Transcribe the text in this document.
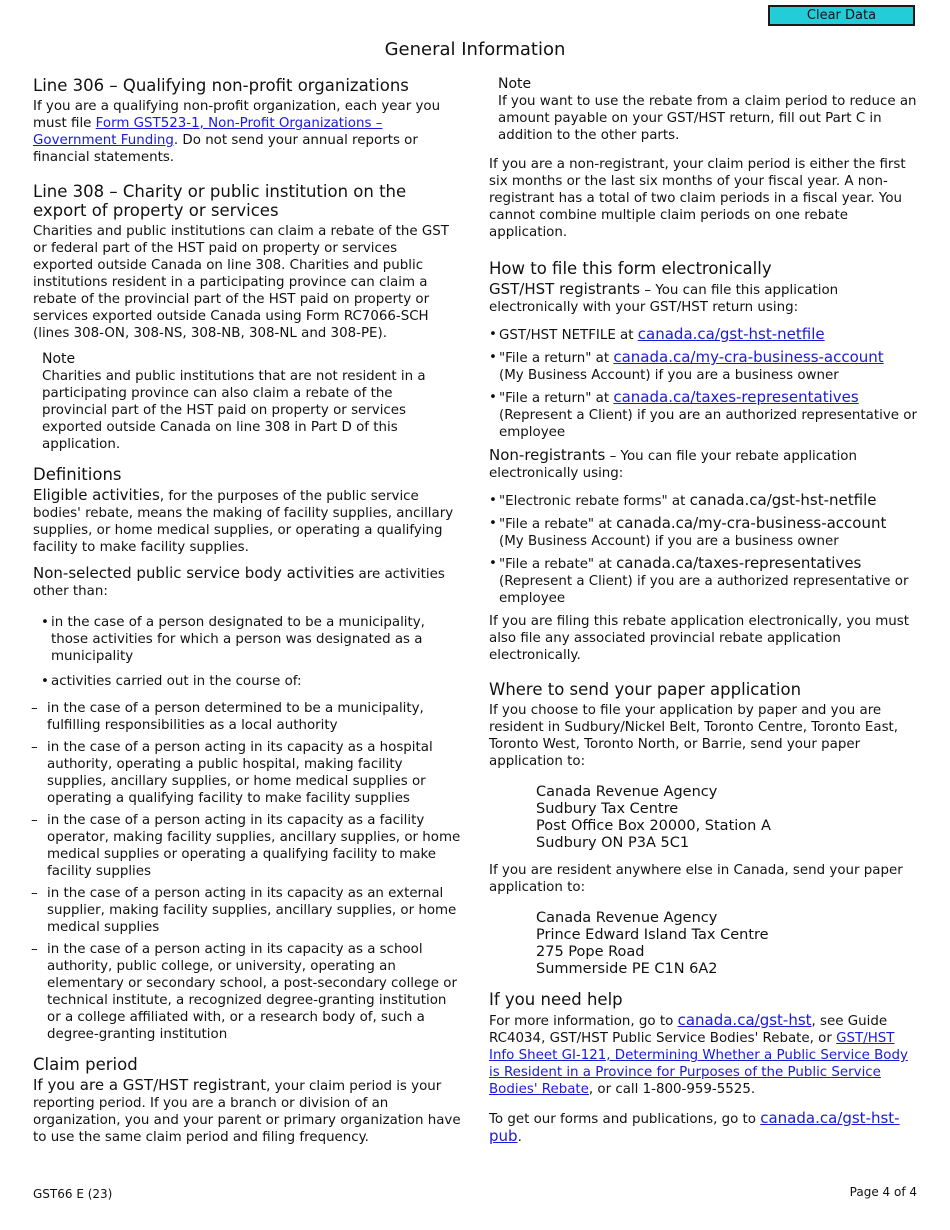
Clear Data
General Information
Line 306 – Qualifying non-profit organizations

If you are a qualifying non-profit organization, each year you must file Form GST523-1, Non-Profit Organizations – Government Funding. Do not send your annual reports or financial statements.

Line 308 – Charity or public institution on the export of property or services

Charities and public institutions can claim a rebate of the GST or federal part of the HST paid on property or services exported outside Canada on line 308. Charities and public institutions resident in a participating province can claim a rebate of the provincial part of the HST paid on property or services exported outside Canada using Form RC7066-SCH (lines 308-ON, 308-NS, 308-NB, 308-NL and 308-PE).

Note
Charities and public institutions that are not resident in a participating province can also claim a rebate of the provincial part of the HST paid on property or services exported outside Canada on line 308 in Part D of this application.
Definitions

Eligible activities, for the purposes of the public service bodies' rebate, means the making of facility supplies, ancillary supplies, or home medical supplies, or operating a qualifying facility to make facility supplies.

Non-selected public service body activities are activities other than:

• in the case of a person designated to be a municipality, those activities for which a person was designated as a municipality
• activities carried out in the course of:
– in the case of a person determined to be a municipality, fulfilling responsibilities as a local authority
– in the case of a person acting in its capacity as a hospital authority, operating a public hospital, making facility supplies, ancillary supplies, or home medical supplies or operating a qualifying facility to make facility supplies
– in the case of a person acting in its capacity as a facility operator, making facility supplies, ancillary supplies, or home medical supplies or operating a qualifying facility to make facility supplies
– in the case of a person acting in its capacity as an external supplier, making facility supplies, ancillary supplies, or home medical supplies
– in the case of a person acting in its capacity as a school authority, public college, or university, operating an elementary or secondary school, a post-secondary college or technical institute, a recognized degree-granting institution or a college affiliated with, or a research body of, such a degree-granting institution
Claim period

If you are a GST/HST registrant, your claim period is your reporting period. If you are a branch or division of an organization, you and your parent or primary organization have to use the same claim period and filing frequency.

Note
If you want to use the rebate from a claim period to reduce an amount payable on your GST/HST return, fill out Part C in addition to the other parts.

If you are a non-registrant, your claim period is either the first six months or the last six months of your fiscal year. A non-registrant has a total of two claim periods in a fiscal year. You cannot combine multiple claim periods on one rebate application.

How to file this form electronically

GST/HST registrants – You can file this application electronically with your GST/HST return using:

• GST/HST NETFILE at canada.ca/gst-hst-netfile

• "File a return" at canada.ca/my-cra-business-account
(My Business Account) if you are a business owner
• "File a return" at canada.ca/taxes-representatives
(Represent a Client) if you are an authorized representative or employee

Non-registrants – You can file your rebate application electronically using:

• "Electronic rebate forms" at canada.ca/gst-hst-netfile

• "File a rebate" at canada.ca/my-cra-business-account
(My Business Account) if you are a business owner
• "File a rebate" at canada.ca/taxes-representatives
(Represent a Client) if you are a authorized representative or employee

If you are filing this rebate application electronically, you must also file any associated provincial rebate application electronically.

Where to send your paper application

If you choose to file your application by paper and you are resident in Sudbury/Nickel Belt, Toronto Centre, Toronto East, Toronto West, Toronto North, or Barrie, send your paper application to:

Canada Revenue Agency
Sudbury Tax Centre
Post Office Box 20000, Station A
Sudbury ON P3A 5C1

If you are resident anywhere else in Canada, send your paper application to:

Canada Revenue Agency
Prince Edward Island Tax Centre
275 Pope Road
Summerside PE C1N 6A2
If you need help

For more information, go to canada.ca/gst-hst, see Guide RC4034, GST/HST Public Service Bodies' Rebate, or GST/HST Info Sheet GI-121, Determining Whether a Public Service Body is Resident in a Province for Purposes of the Public Service Bodies' Rebate, or call 1-800-959-5525.

To get our forms and publications, go to canada.ca/gst-hst-pub.

GST66 E (23)	Page 4 of 4
